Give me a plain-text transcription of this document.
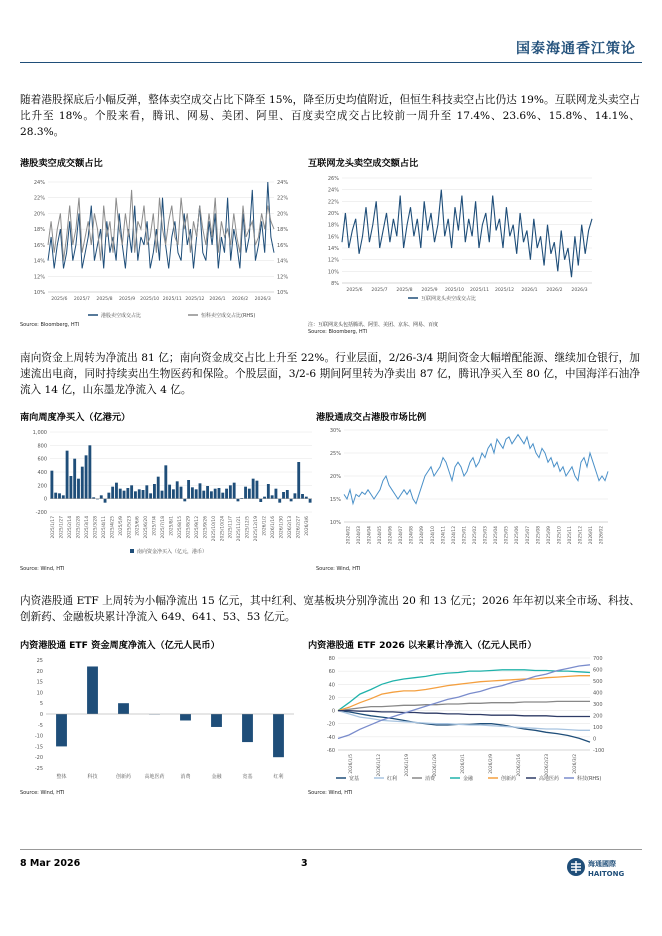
国泰海通香江策论
随着港股探底后小幅反弹，整体卖空成交占比下降至 15%，降至历史均值附近，但恒生科技卖空占比仍达 19%。互联网龙头卖空占比升至 18%。个股来看，腾讯、网易、美团、阿里、百度卖空成交占比较前一周升至 17.4%、23.6%、15.8%、14.1%、28.3%。
港股卖空成交额占比
10%
12%
14%
16%
18%
20%
22%
24%
10%
12%
14%
16%
18%
20%
22%
24%
2025/6 2025/7 2025/8 2025/9 2025/10 2025/11 2025/12 2026/1 2026/2 2026/3
港股卖空成交占比	恒科卖空成交占比(RHS)
Source: Bloomberg, HTI
互联网龙头卖空成交额占比
8%
10%
12%
14%
16%
18%
20%
22%
24%
26%
2025/6 2025/7 2025/8 2025/9 2025/10 2025/11 2025/12 2026/1 2026/2 2026/3
互联网龙头卖空成交占比
注：互联网龙头包括腾讯、阿里、美团、京东、网易、百度
Source: Bloomberg, HTI
南向资金上周转为净流出 81 亿；南向资金成交占比上升至 22%。行业层面，2/26-3/4 期间资金大幅增配能源、继续加仓银行，加速流出电商，同时持续卖出生物医药和保险。个股层面，3/2-6 期间阿里转为净卖出 87 亿，腾讯净买入至 80 亿，中国海洋石油净流入 14 亿，山东墨龙净流入 4 亿。
南向周度净买入（亿港元）
-200
0
200
400
600
800
1,000
2025/1/17 2025/1/27 2025/2/14 2025/2/28 2025/3/14 2025/3/28 2025/4/11 2025/4/25 2025/5/9 2025/5/23 2025/6/6 2025/6/20 2025/7/4 2025/7/18 2025/8/1 2025/8/15 2025/8/29 2025/9/12 2025/9/26 2025/10/10 2025/10/24 2025/11/7 2025/11/21 2025/12/5 2025/12/19 2026/1/2 2026/1/16 2026/1/30 2026/2/13 2026/2/27 2026/3/6
南向资金净买入（亿元，港币）
Source: Wind, HTI
港股通成交占港股市场比例
10%
15%
20%
25%
30%
2024/02 2024/03 2024/04 2024/05 2024/06 2024/07 2024/08 2024/09 2024/10 2024/11 2024/12 2025/01 2025/02 2025/03 2025/04 2025/05 2025/06 2025/07 2025/08 2025/09 2025/10 2025/11 2025/12 2026/01 2026/02
Source: Wind, HTI
内资港股通 ETF 上周转为小幅净流出 15 亿元，其中红利、宽基板块分别净流出 20 和 13 亿元；2026 年年初以来全市场、科技、创新药、金融板块累计净流入 649、641、53、53 亿元。
内资港股通 ETF 资金周度净流入（亿元人民币）
-25
-20
-15
-10
-5
0
5
10
15
20
25
整体	科技	创新药	高地医药	消费	金融	宽基	红利
Source: Wind, HTI
内资港股通 ETF 2026 以来累计净流入（亿元人民币）
-60
-40
-20
0
20
40
60
80
-100
0
100
200
300
400
500
600
700
2026/1/5	2026/1/12	2026/1/19	2026/1/26	2026/2/1	2026/2/9	2026/2/16	2026/2/23	2026/3/2
宽基	红利	消费	金融	创新药	高地医药	科技(RHS)
Source: Wind, HTI
8 Mar 2026	3	海通國際
HAITONG
